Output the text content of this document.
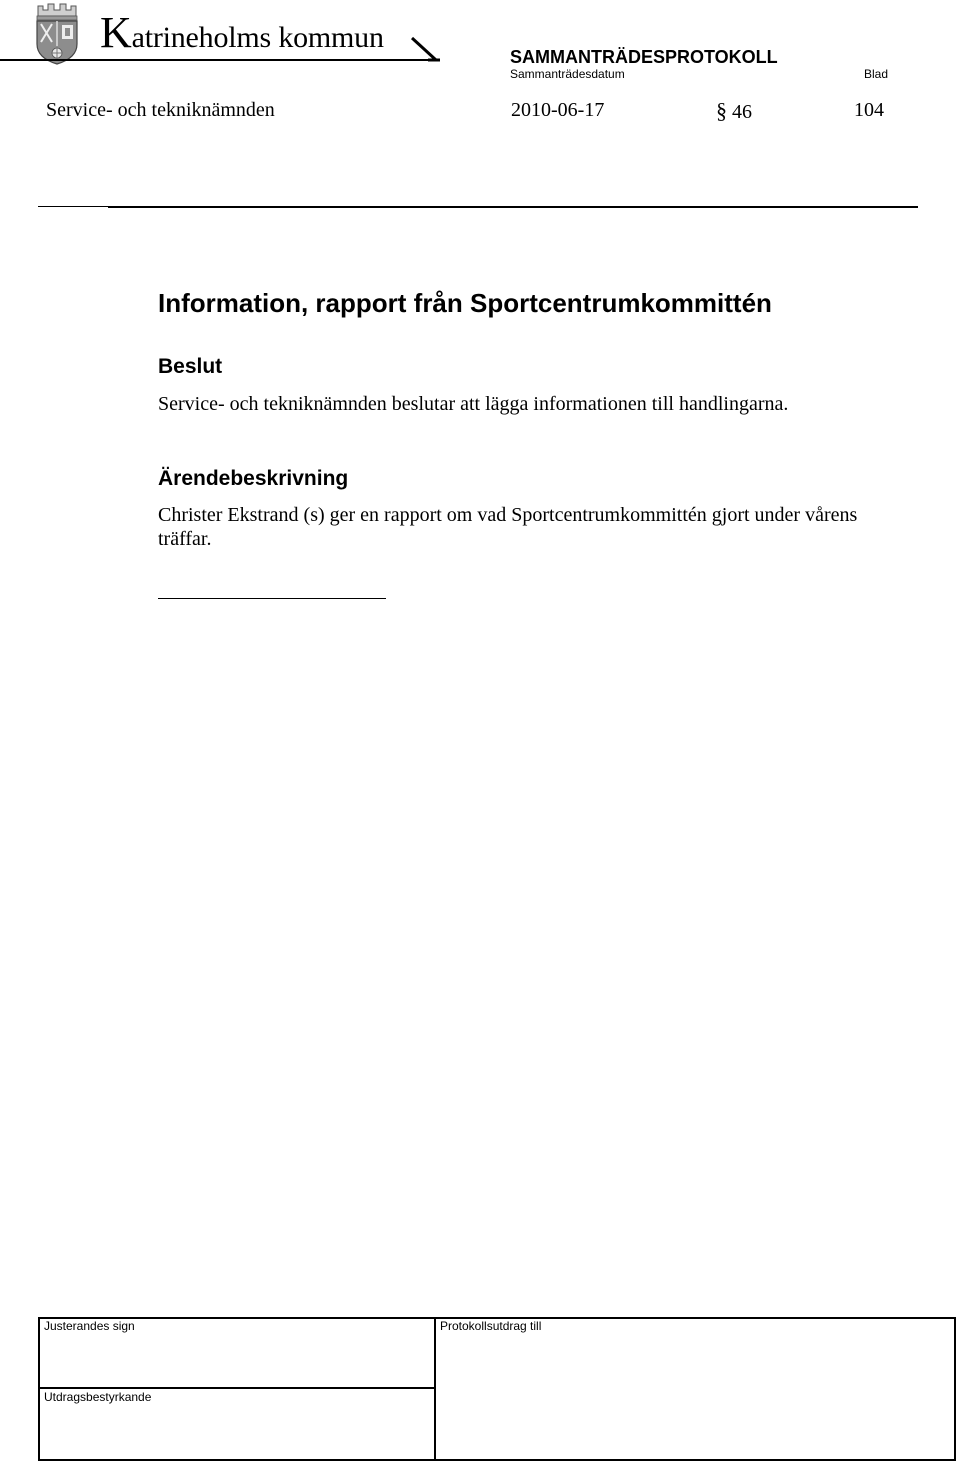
Katrineholms kommun
SAMMANTRÄDESPROTOKOLL
Sammanträdesdatum	Blad
Service- och tekniknämnden	2010-06-17	§ 46	104
Information, rapport från Sportcentrumkommittén
Beslut
Service- och tekniknämnden beslutar att lägga informationen till handlingarna.
Ärendebeskrivning
Christer Ekstrand (s) ger en rapport om vad Sportcentrumkommittén gjort under vårens träffar.
Justerandes sign	Protokollsutdrag till
Utdragsbestyrkande
